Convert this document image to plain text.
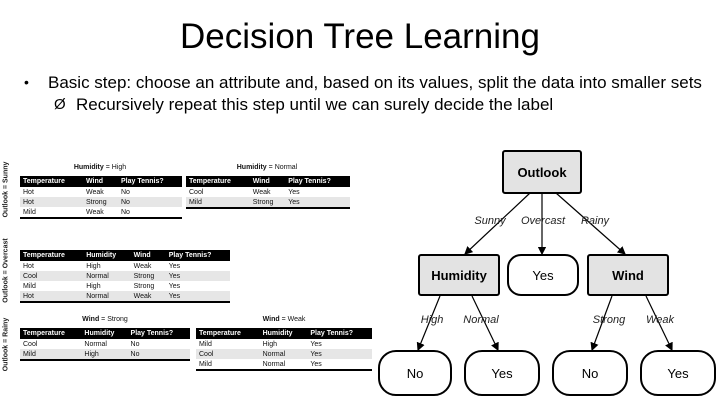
Decision Tree Learning
• Basic step: choose an attribute and, based on its values, split the data into smaller sets
Ø Recursively repeat this step until we can surely decide the label
Outlook = Sunny
Outlook = Overcast
Outlook = Rainy
Humidity = High	Humidity = Normal
Wind = Strong	Wind = Weak
Temperature	Wind	Play Tennis?
Hot	Weak	No
Hot	Strong	No
Mild	Weak	No
Temperature	Wind	Play Tennis?
Cool	Weak	Yes
Mild	Strong	Yes
Temperature	Humidity	Wind	Play Tennis?
Hot	High	Weak	Yes
Cool	Normal	Strong	Yes
Mild	High	Strong	Yes
Hot	Normal	Weak	Yes
Temperature	Humidity	Play Tennis?
Cool	Normal	No
Mild	High	No
Temperature	Humidity	Play Tennis?
Mild	High	Yes
Cool	Normal	Yes
Mild	Normal	Yes
Outlook
Humidity	Yes	Wind
No	Yes	No	Yes
Sunny	Overcast	Rainy
High	Normal	Strong	Weak
